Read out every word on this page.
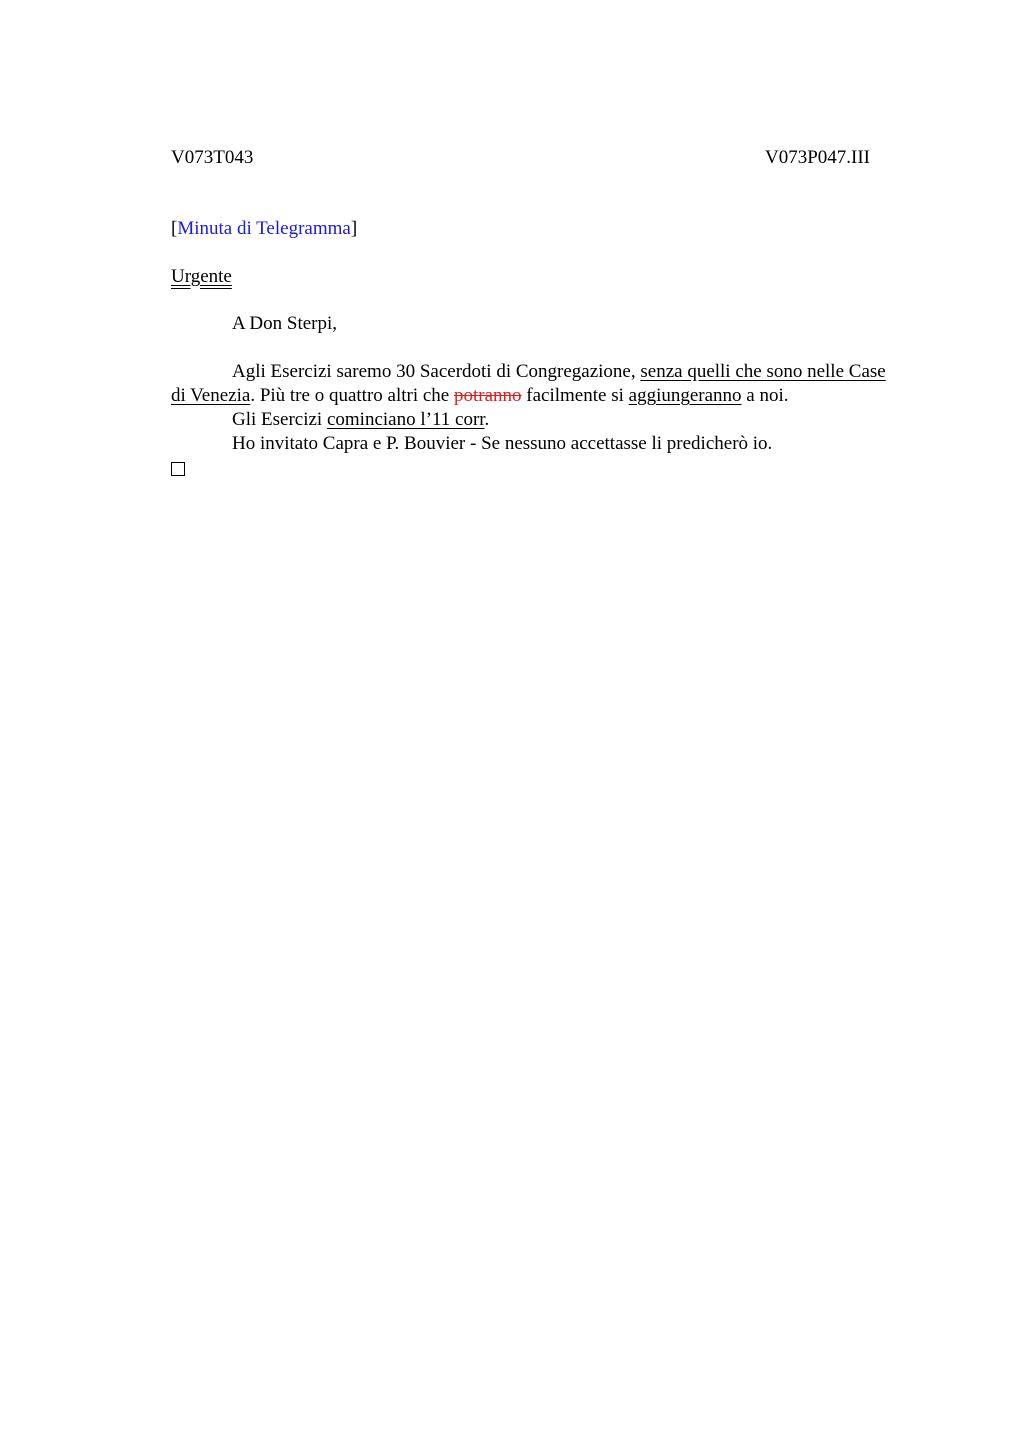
V073T043	V073P047.III
[Minuta di Telegramma]
Urgente
A Don Sterpi,

Agli Esercizi saremo 30 Sacerdoti di Congregazione, senza quelli che sono nelle Case di Venezia. Più tre o quattro altri che potranno facilmente si aggiungeranno a noi.

Gli Esercizi cominciano l’11 corr.

Ho invitato Capra e P. Bouvier - Se nessuno accettasse li predicherò io.
